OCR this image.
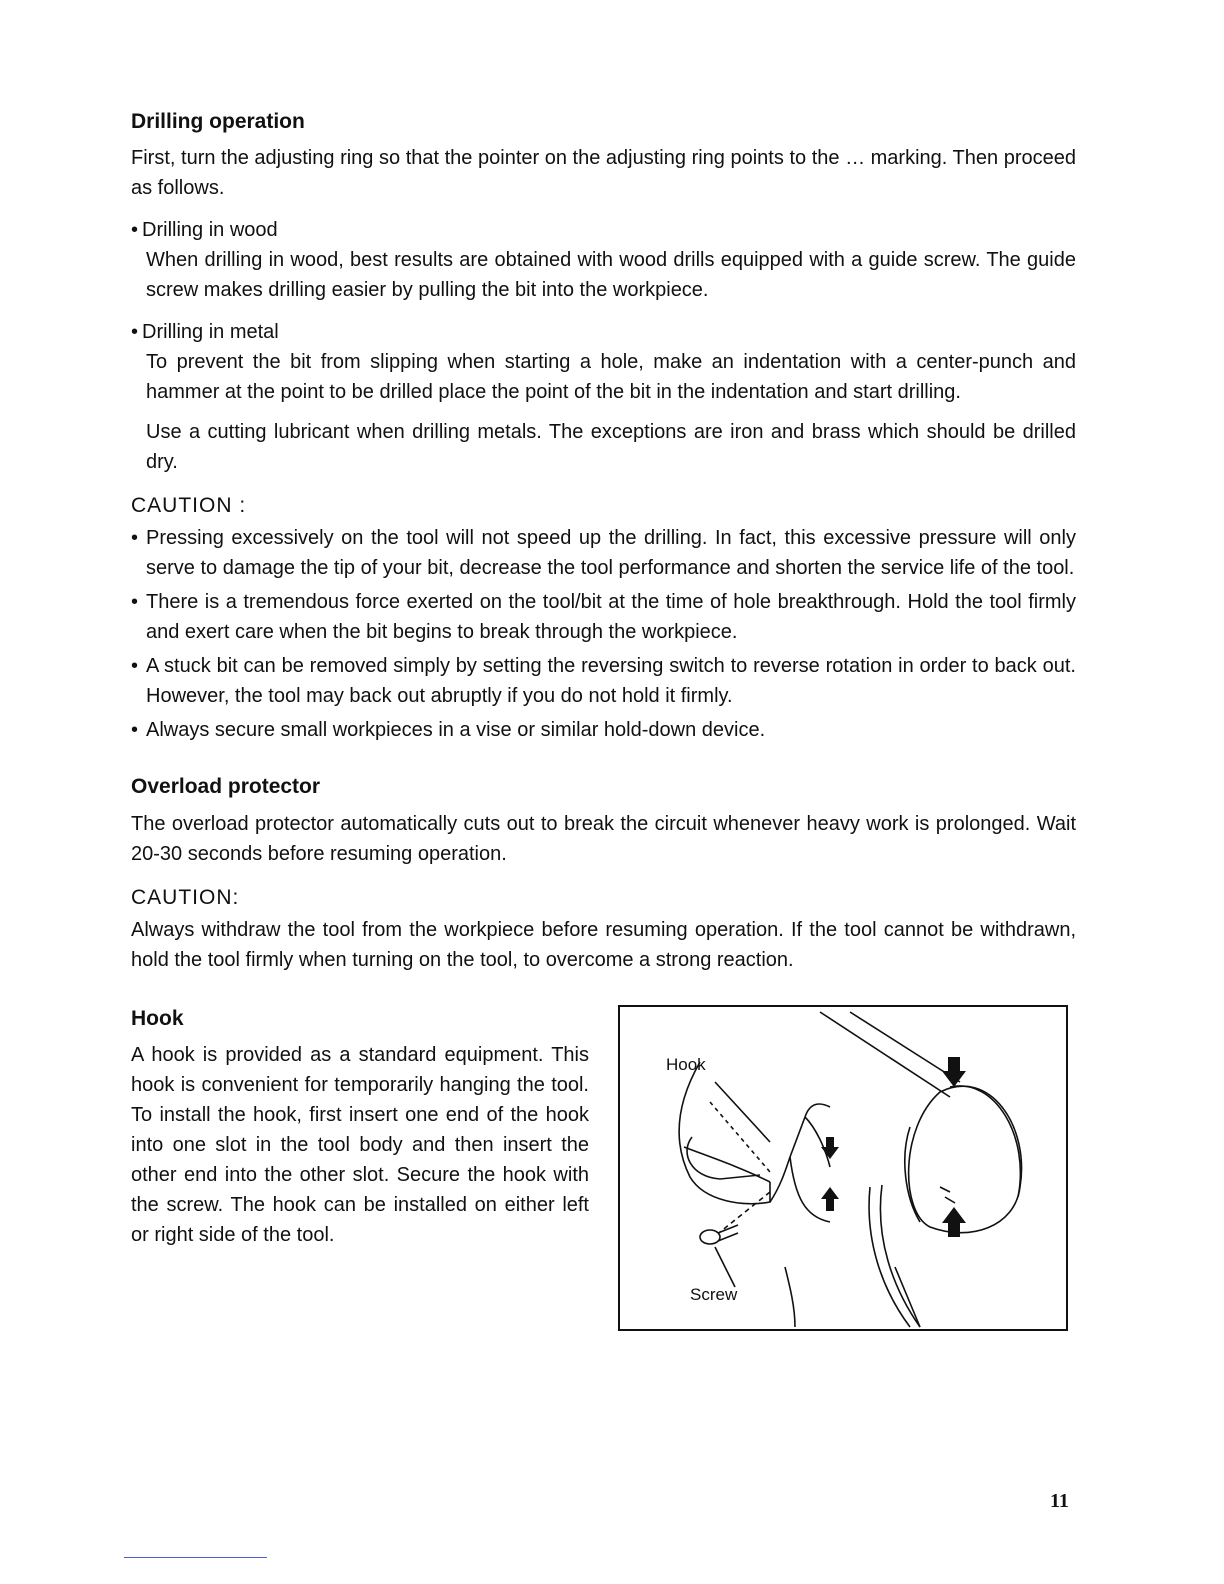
Drilling operation

First, turn the adjusting ring so that the pointer on the adjusting ring points to the … marking. Then proceed as follows.

• Drilling in wood

When drilling in wood, best results are obtained with wood drills equipped with a guide screw. The guide screw makes drilling easier by pulling the bit into the workpiece.

• Drilling in metal

To prevent the bit from slipping when starting a hole, make an indentation with a center-punch and hammer at the point to be drilled place the point of the bit in the indentation and start drilling.

Use a cutting lubricant when drilling metals. The exceptions are iron and brass which should be drilled dry.

CAUTION :

• Pressing excessively on the tool will not speed up the drilling. In fact, this excessive pressure will only serve to damage the tip of your bit, decrease the tool performance and shorten the service life of the tool.

• There is a tremendous force exerted on the tool/bit at the time of hole breakthrough. Hold the tool firmly and exert care when the bit begins to break through the workpiece.

• A stuck bit can be removed simply by setting the reversing switch to reverse rotation in order to back out. However, the tool may back out abruptly if you do not hold it firmly.

• Always secure small workpieces in a vise or similar hold-down device.

Overload protector

The overload protector automatically cuts out to break the circuit whenever heavy work is prolonged. Wait 20-30 seconds before resuming operation.

CAUTION:

Always withdraw the tool from the workpiece before resuming operation. If the tool cannot be withdrawn, hold the tool firmly when turning on the tool, to overcome a strong reaction.

Hook

A hook is provided as a standard equipment. This hook is convenient for temporarily hanging the tool. To install the hook, first insert one end of the hook into one slot in the tool body and then insert the other end into the other slot. Secure the hook with the screw. The hook can be installed on either left or right side of the tool.

Hook
Screw
11
